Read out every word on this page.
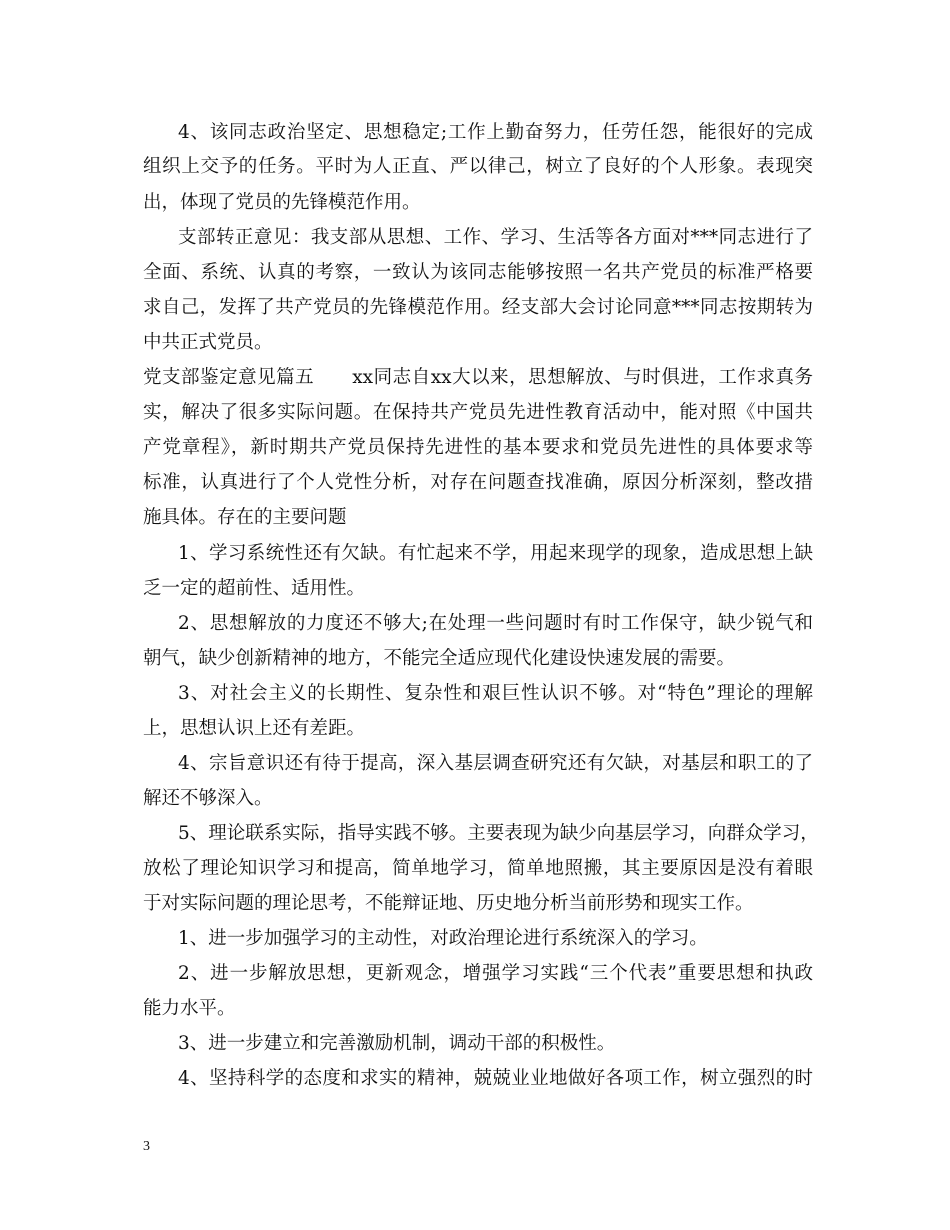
4、该同志政治坚定、思想稳定;工作上勤奋努力，任劳任怨，能很好的完成
组织上交予的任务。平时为人正直、严以律己，树立了良好的个人形象。表现突
出，体现了党员的先锋模范作用。
支部转正意见：我支部从思想、工作、学习、生活等各方面对***同志进行了
全面、系统、认真的考察，一致认为该同志能够按照一名共产党员的标准严格要
求自己，发挥了共产党员的先锋模范作用。经支部大会讨论同意***同志按期转为
中共正式党员。
党支部鉴定意见篇五　　xx同志自xx大以来，思想解放、与时俱进，工作求真务
实，解决了很多实际问题。在保持共产党员先进性教育活动中，能对照《中国共
产党章程》，新时期共产党员保持先进性的基本要求和党员先进性的具体要求等
标准，认真进行了个人党性分析，对存在问题查找准确，原因分析深刻，整改措
施具体。存在的主要问题
1、学习系统性还有欠缺。有忙起来不学，用起来现学的现象，造成思想上缺
乏一定的超前性、适用性。
2、思想解放的力度还不够大;在处理一些问题时有时工作保守，缺少锐气和
朝气，缺少创新精神的地方，不能完全适应现代化建设快速发展的需要。
3、对社会主义的长期性、复杂性和艰巨性认识不够。对“特色”理论的理解
上，思想认识上还有差距。
4、宗旨意识还有待于提高，深入基层调查研究还有欠缺，对基层和职工的了
解还不够深入。
5、理论联系实际，指导实践不够。主要表现为缺少向基层学习，向群众学习，
放松了理论知识学习和提高，简单地学习，简单地照搬，其主要原因是没有着眼
于对实际问题的理论思考，不能辩证地、历史地分析当前形势和现实工作。
1、进一步加强学习的主动性，对政治理论进行系统深入的学习。
2、进一步解放思想，更新观念，增强学习实践“三个代表”重要思想和执政
能力水平。
3、进一步建立和完善激励机制，调动干部的积极性。
4、坚持科学的态度和求实的精神，兢兢业业地做好各项工作，树立强烈的时
3
